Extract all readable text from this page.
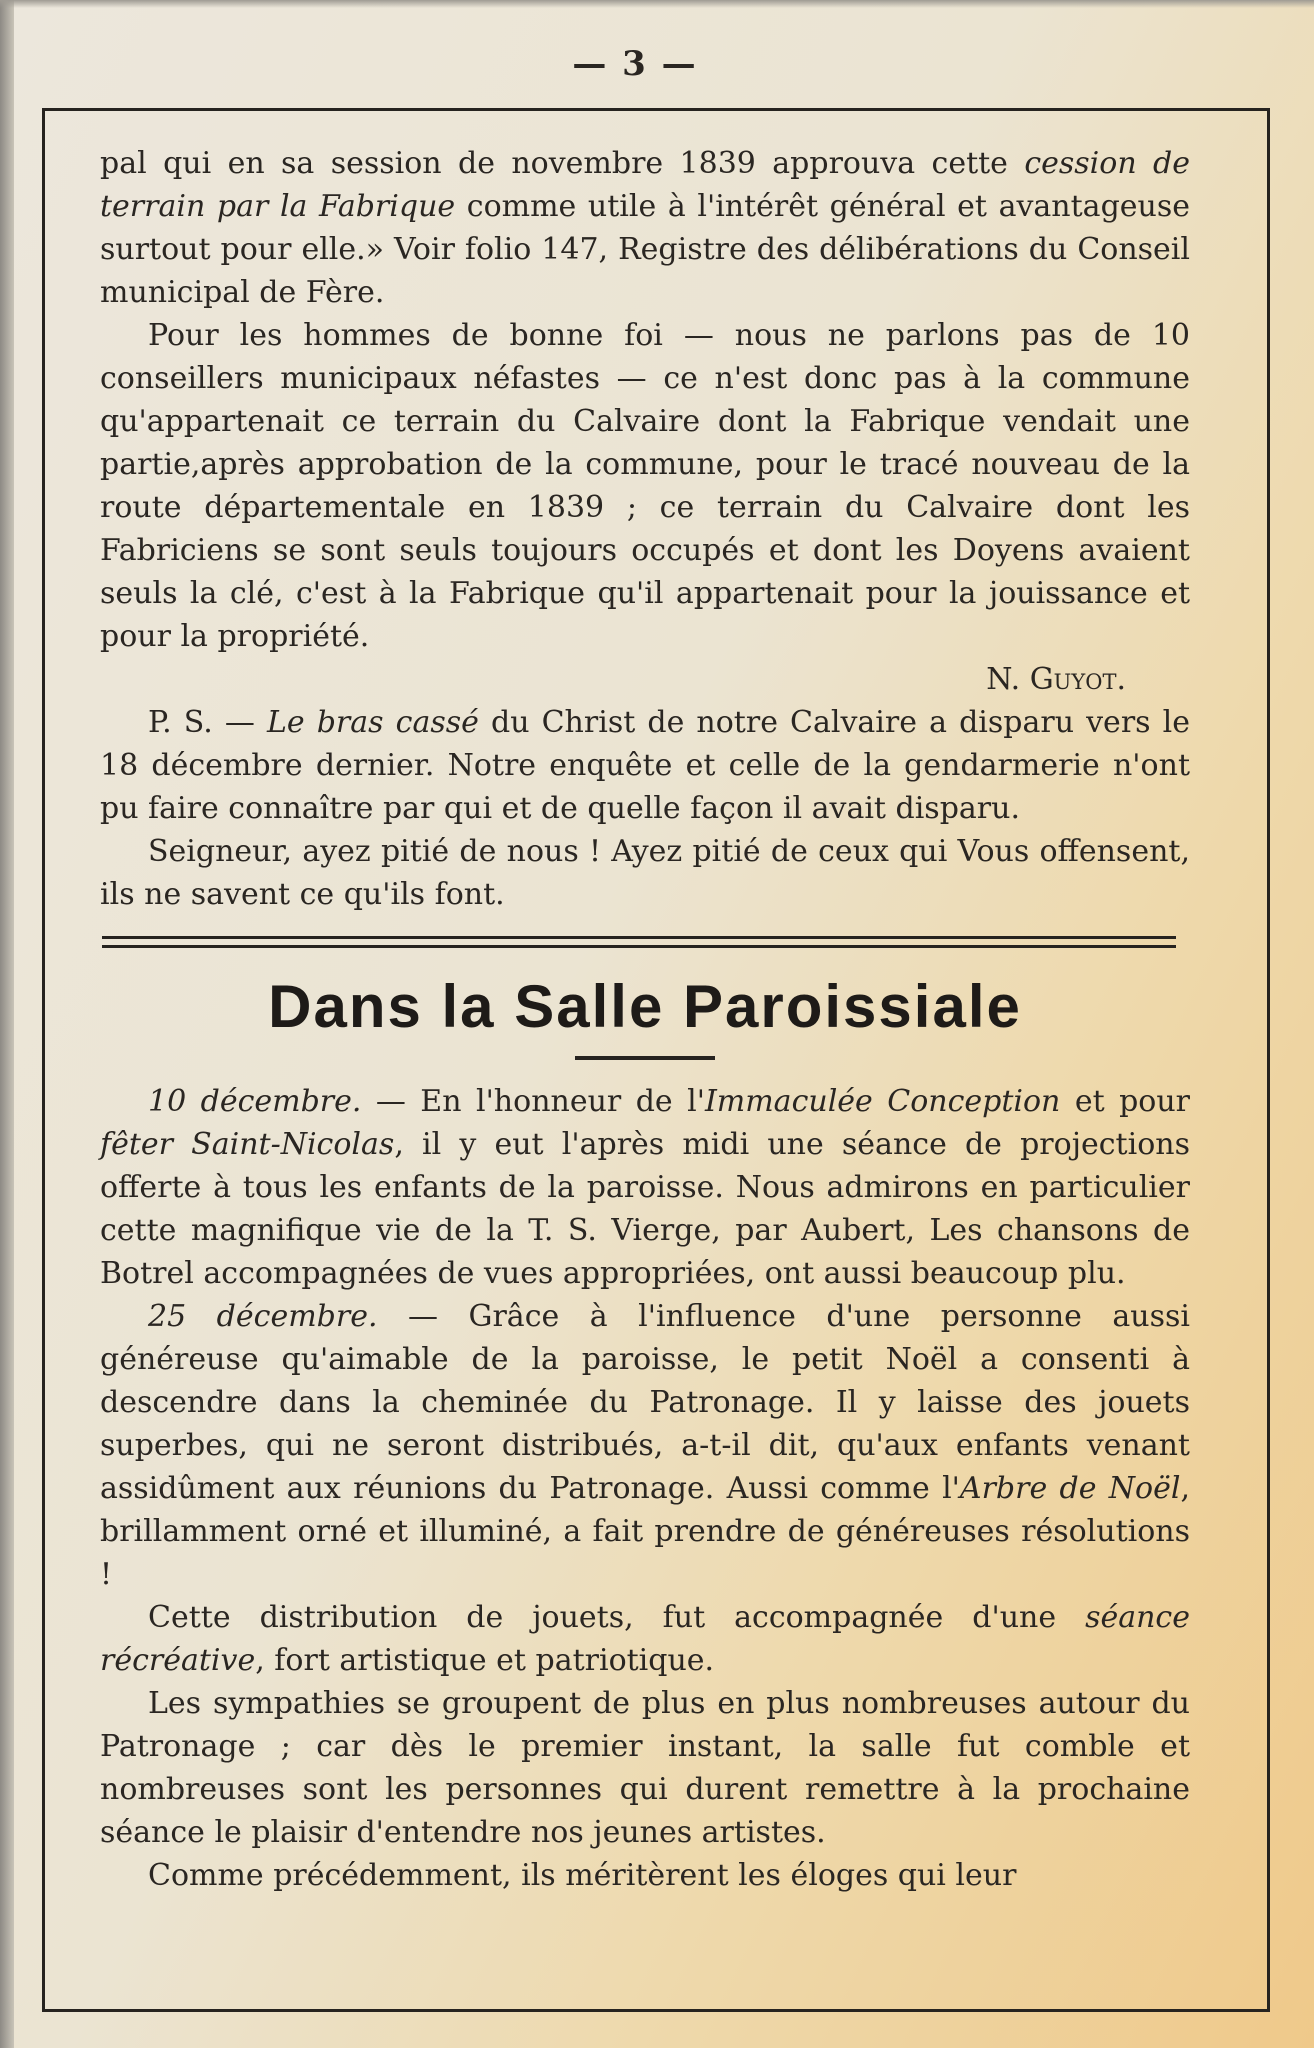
— 3 —

pal qui en sa session de novembre 1839 approuva cette cession de terrain par la Fabrique comme utile à l'intérêt général et avantageuse surtout pour elle.» Voir folio 147, Registre des délibérations du Conseil municipal de Fère.

Pour les hommes de bonne foi — nous ne parlons pas de 10 conseillers municipaux néfastes — ce n'est donc pas à la commune qu'appartenait ce terrain du Calvaire dont la Fabrique vendait une partie,après approbation de la commune, pour le tracé nouveau de la route départementale en 1839 ; ce terrain du Calvaire dont les Fabriciens se sont seuls toujours occupés et dont les Doyens avaient seuls la clé, c'est à la Fabrique qu'il appartenait pour la jouissance et pour la propriété.

N. Guyot.

P. S. — Le bras cassé du Christ de notre Calvaire a disparu vers le 18 décembre dernier. Notre enquête et celle de la gendarmerie n'ont pu faire connaître par qui et de quelle façon il avait disparu.

Seigneur, ayez pitié de nous ! Ayez pitié de ceux qui Vous offensent, ils ne savent ce qu'ils font.

Dans la Salle Paroissiale

10 décembre. — En l'honneur de l'Immaculée Conception et pour fêter Saint-Nicolas, il y eut l'après midi une séance de projections offerte à tous les enfants de la paroisse. Nous admirons en particulier cette magnifique vie de la T. S. Vierge, par Aubert, Les chansons de Botrel accompagnées de vues appropriées, ont aussi beaucoup plu.

25 décembre. — Grâce à l'influence d'une personne aussi généreuse qu'aimable de la paroisse, le petit Noël a consenti à descendre dans la cheminée du Patronage. Il y laisse des jouets superbes, qui ne seront distribués, a-t-il dit, qu'aux enfants venant assidûment aux réunions du Patronage. Aussi comme l'Arbre de Noël, brillamment orné et illuminé, a fait prendre de généreuses résolutions !

Cette distribution de jouets, fut accompagnée d'une séance récréative, fort artistique et patriotique.

Les sympathies se groupent de plus en plus nombreuses autour du Patronage ; car dès le premier instant, la salle fut comble et nombreuses sont les personnes qui durent remettre à la prochaine séance le plaisir d'entendre nos jeunes artistes.

Comme précédemment, ils méritèrent les éloges qui leur
